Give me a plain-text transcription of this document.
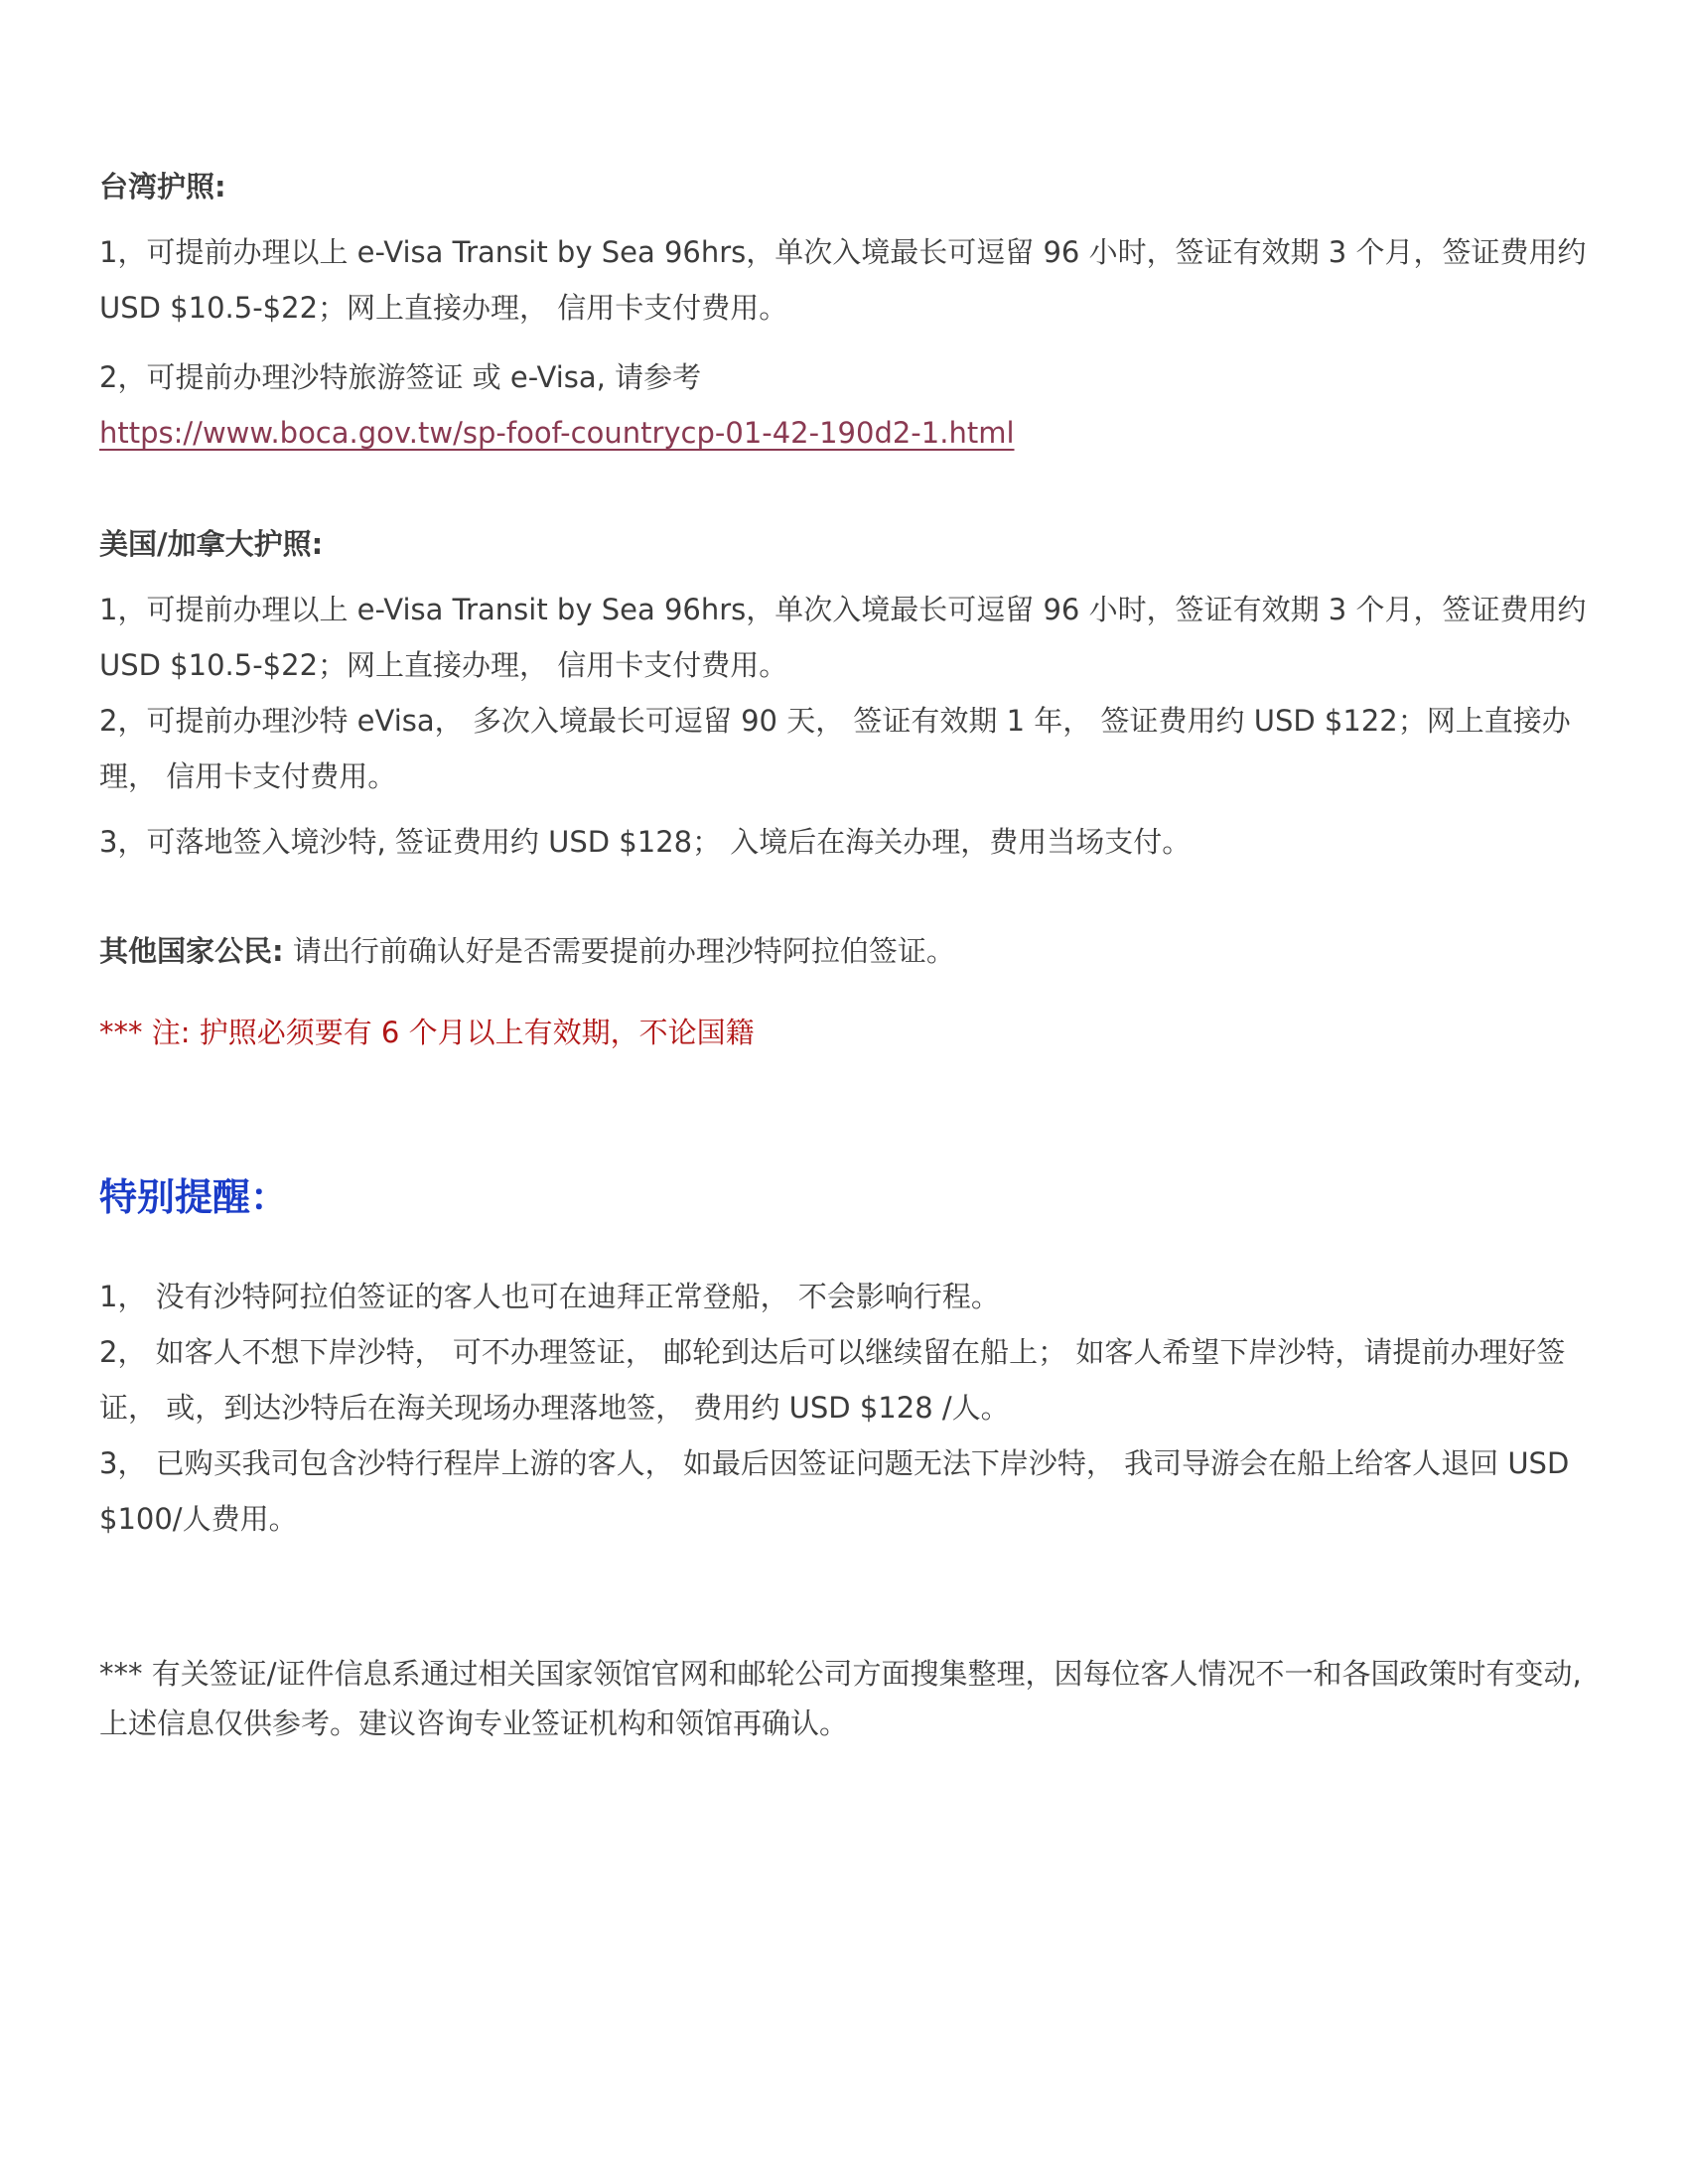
台湾护照:
1，可提前办理以上 e-Visa Transit by Sea 96hrs，单次入境最长可逗留 96 小时，签证有效期 3 个月，签证费用约
USD $10.5-$22；网上直接办理， 信用卡支付费用。
2，可提前办理沙特旅游签证 或 e-Visa, 请参考
https://www.boca.gov.tw/sp-foof-countrycp-01-42-190d2-1.html
美国/加拿大护照:
1，可提前办理以上 e-Visa Transit by Sea 96hrs，单次入境最长可逗留 96 小时，签证有效期 3 个月，签证费用约
USD $10.5-$22；网上直接办理， 信用卡支付费用。
2，可提前办理沙特 eVisa， 多次入境最长可逗留 90 天， 签证有效期 1 年， 签证费用约 USD $122；网上直接办
理， 信用卡支付费用。
3，可落地签入境沙特, 签证费用约 USD $128； 入境后在海关办理，费用当场支付。
其他国家公民: 请出行前确认好是否需要提前办理沙特阿拉伯签证。
*** 注: 护照必须要有 6 个月以上有效期，不论国籍
特别提醒：
1， 没有沙特阿拉伯签证的客人也可在迪拜正常登船， 不会影响行程。
2， 如客人不想下岸沙特， 可不办理签证， 邮轮到达后可以继续留在船上； 如客人希望下岸沙特，请提前办理好签
证， 或，到达沙特后在海关现场办理落地签， 费用约 USD $128 /人。
3， 已购买我司包含沙特行程岸上游的客人， 如最后因签证问题无法下岸沙特， 我司导游会在船上给客人退回 USD
$100/人费用。
*** 有关签证/证件信息系通过相关国家领馆官网和邮轮公司方面搜集整理，因每位客人情况不一和各国政策时有变动,
上述信息仅供参考。建议咨询专业签证机构和领馆再确认。
